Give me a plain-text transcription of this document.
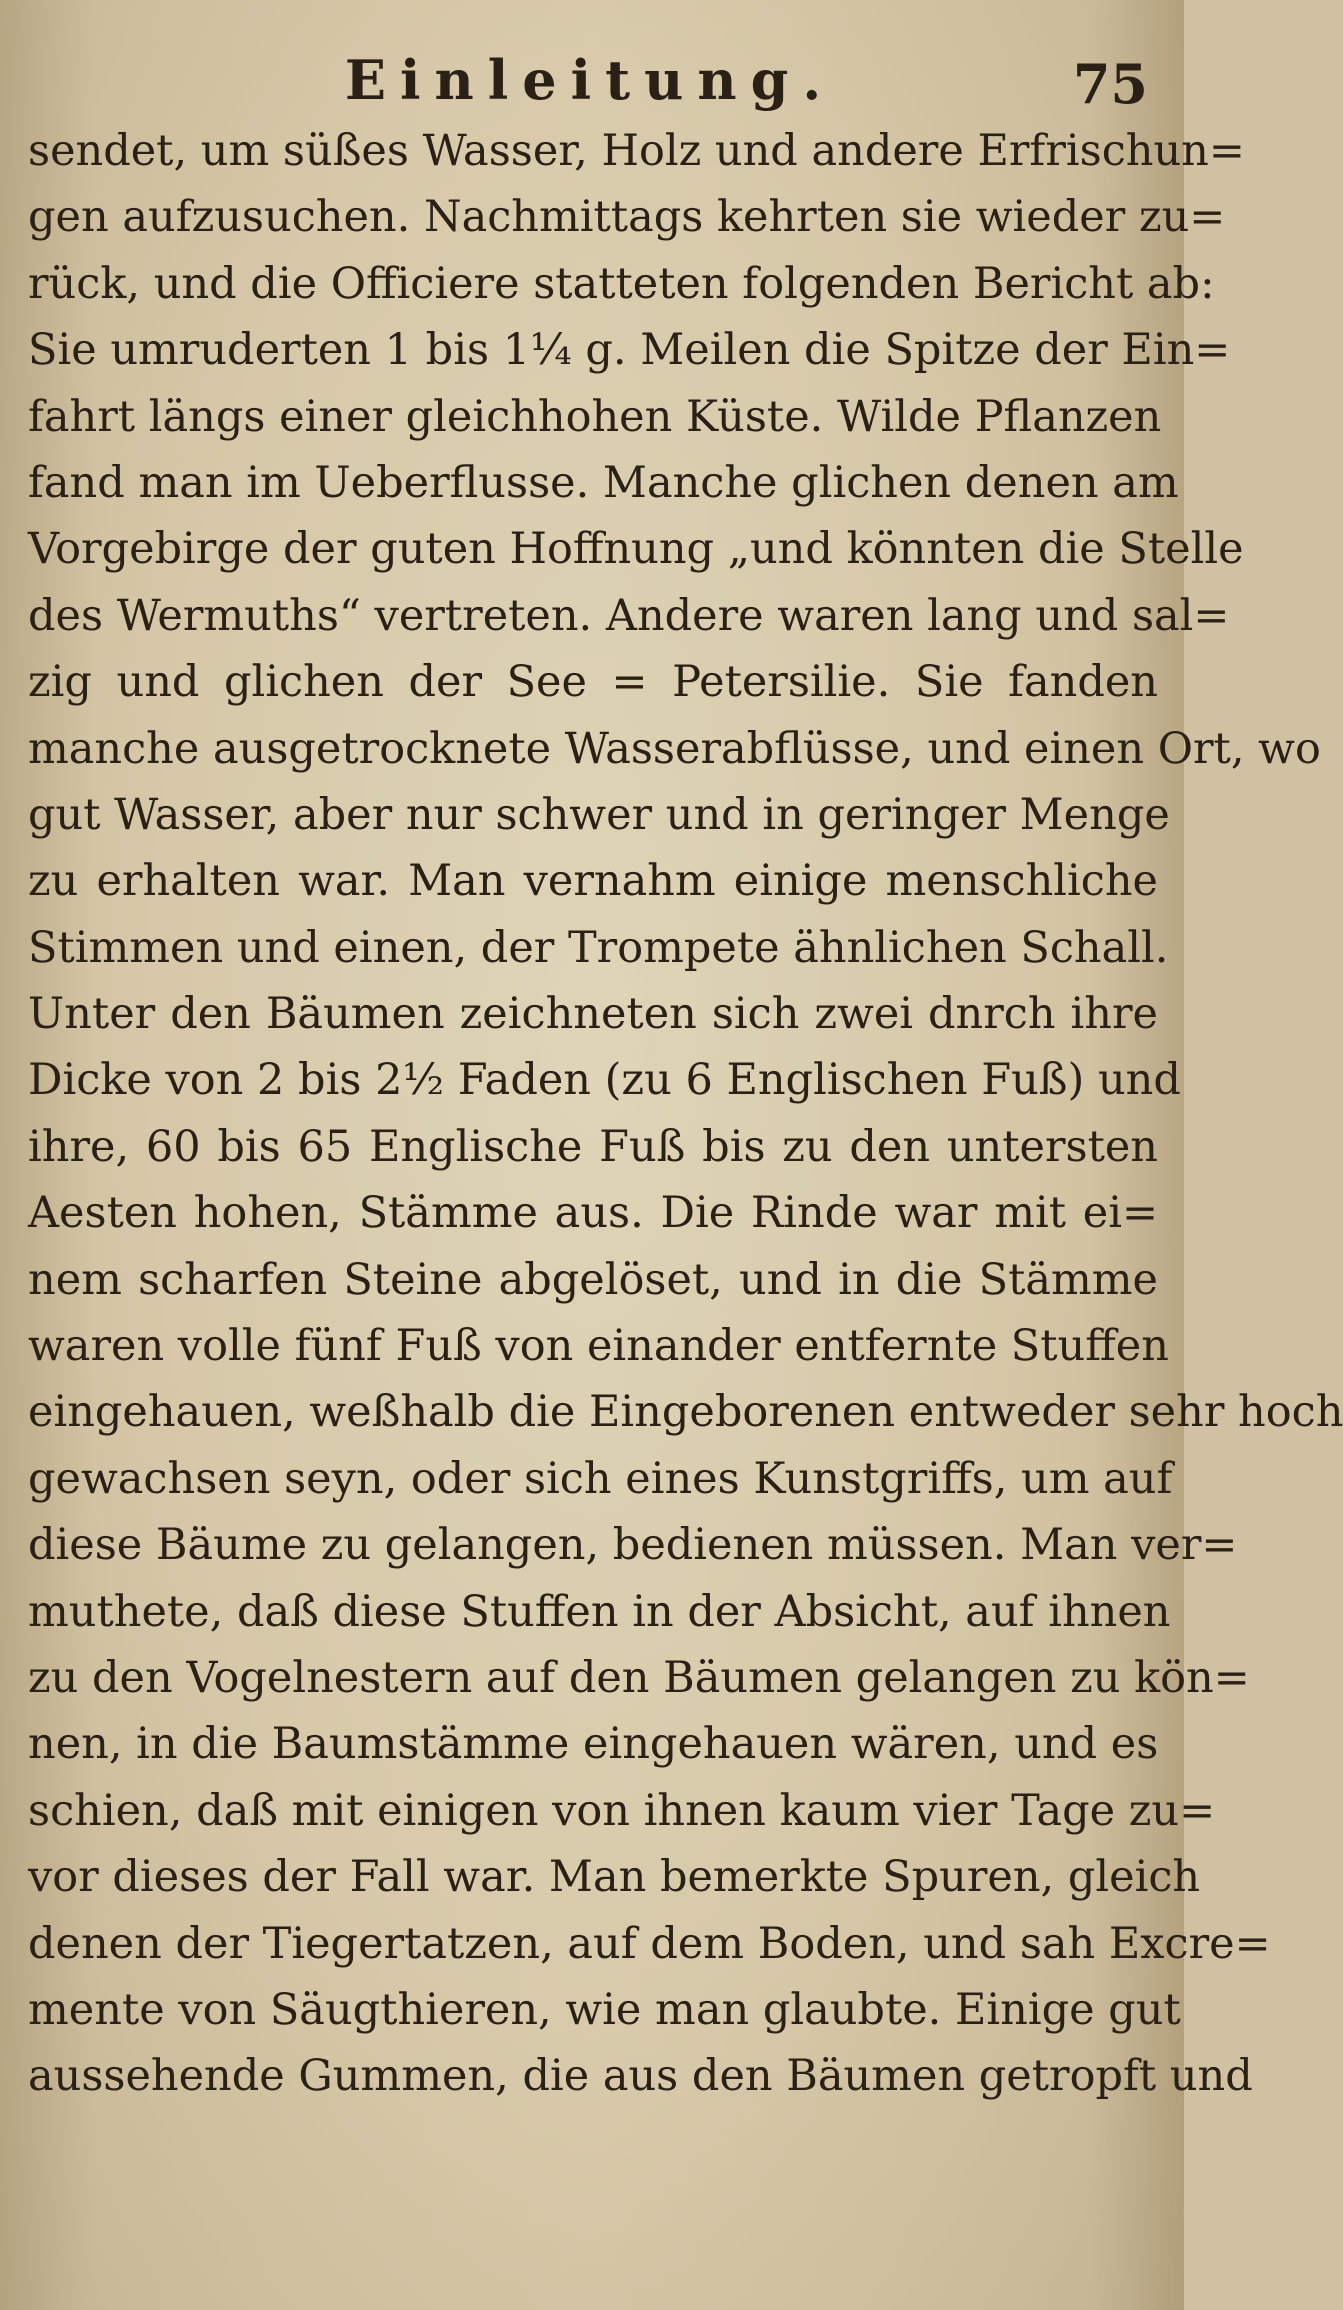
Einleitung.	75
sendet, um süßes Wasser, Holz und andere Erfrischun=
gen aufzusuchen. Nachmittags kehrten sie wieder zu=
rück, und die Officiere statteten folgenden Bericht ab:
Sie umruderten 1 bis 1¼ g. Meilen die Spitze der Ein=
fahrt längs einer gleichhohen Küste. Wilde Pflanzen
fand man im Ueberflusse. Manche glichen denen am
Vorgebirge der guten Hoffnung „und könnten die Stelle
des Wermuths“ vertreten. Andere waren lang und sal=
zig und glichen der See = Petersilie. Sie fanden
manche ausgetrocknete Wasserabflüsse, und einen Ort, wo
gut Wasser, aber nur schwer und in geringer Menge
zu erhalten war. Man vernahm einige menschliche
Stimmen und einen, der Trompete ähnlichen Schall.
Unter den Bäumen zeichneten sich zwei dnrch ihre
Dicke von 2 bis 2½ Faden (zu 6 Englischen Fuß) und
ihre, 60 bis 65 Englische Fuß bis zu den untersten
Aesten hohen, Stämme aus. Die Rinde war mit ei=
nem scharfen Steine abgelöset, und in die Stämme
waren volle fünf Fuß von einander entfernte Stuffen
eingehauen, weßhalb die Eingeborenen entweder sehr hoch
gewachsen seyn, oder sich eines Kunstgriffs, um auf
diese Bäume zu gelangen, bedienen müssen. Man ver=
muthete, daß diese Stuffen in der Absicht, auf ihnen
zu den Vogelnestern auf den Bäumen gelangen zu kön=
nen, in die Baumstämme eingehauen wären, und es
schien, daß mit einigen von ihnen kaum vier Tage zu=
vor dieses der Fall war. Man bemerkte Spuren, gleich
denen der Tiegertatzen, auf dem Boden, und sah Excre=
mente von Säugthieren, wie man glaubte. Einige gut
aussehende Gummen, die aus den Bäumen getropft und
